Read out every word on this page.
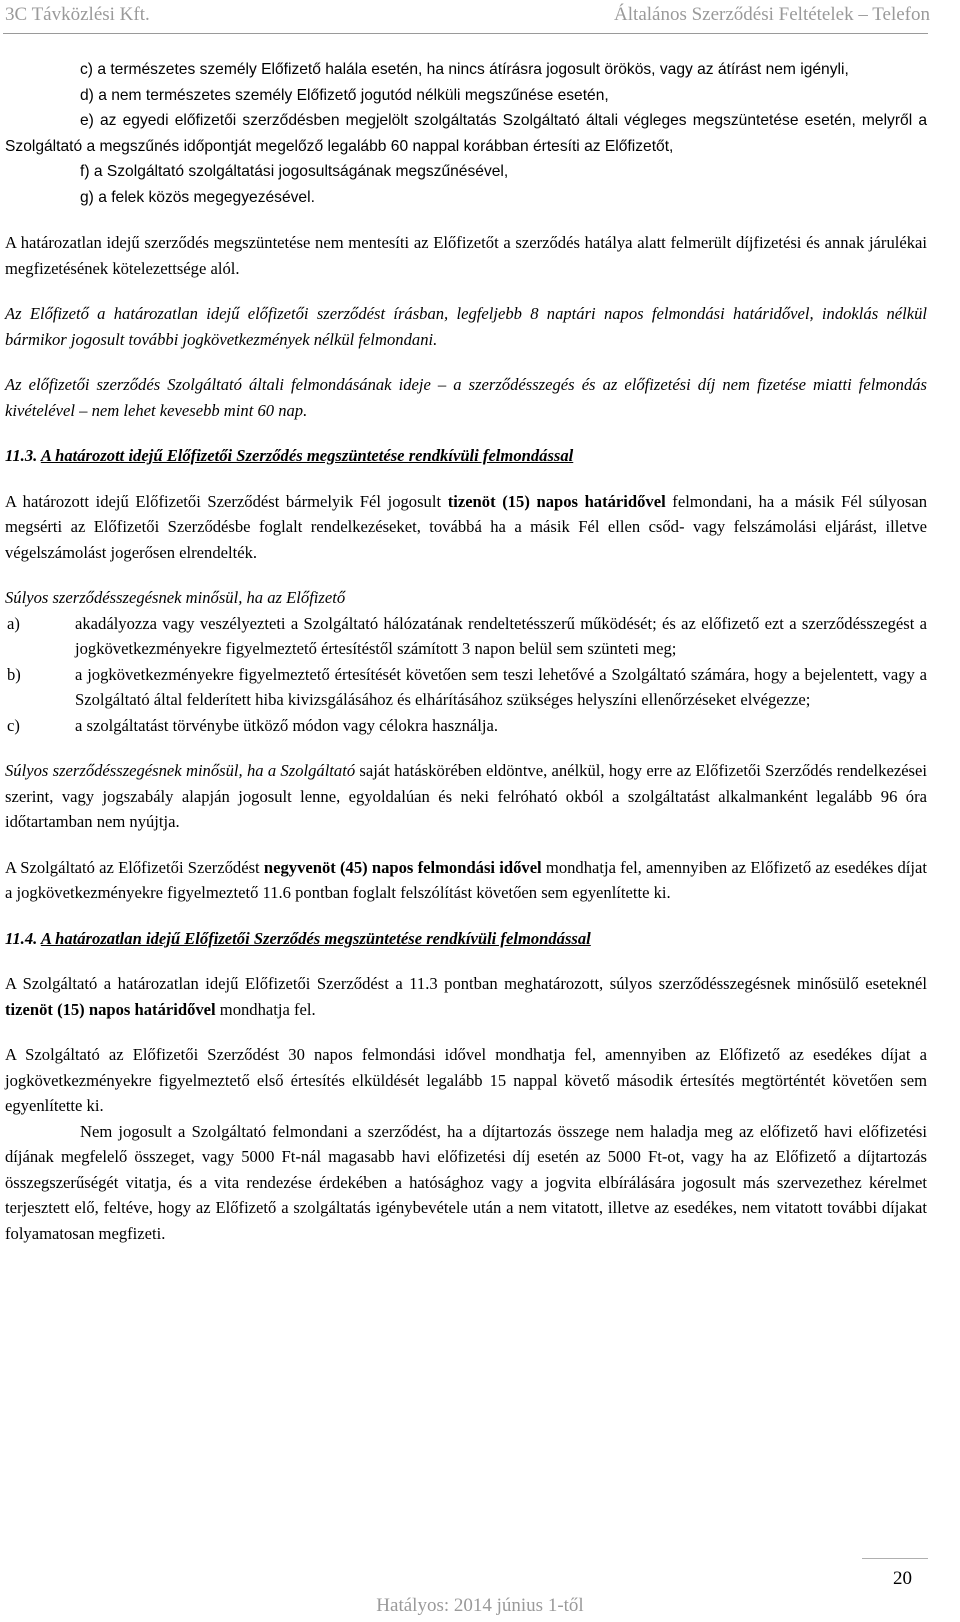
3C Távközlési Kft.	Általános Szerződési Feltételek – Telefon

c) a természetes személy Előfizető halála esetén, ha nincs átírásra jogosult örökös, vagy az átírást nem igényli,

d) a nem természetes személy Előfizető jogutód nélküli megszűnése esetén,

e) az egyedi előfizetői szerződésben megjelölt szolgáltatás Szolgáltató általi végleges megszüntetése esetén, melyről a Szolgáltató a megszűnés időpontját megelőző legalább 60 nappal korábban értesíti az Előfizetőt,

f) a Szolgáltató szolgáltatási jogosultságának megszűnésével,

g) a felek közös megegyezésével.

A határozatlan idejű szerződés megszüntetése nem mentesíti az Előfizetőt a szerződés hatálya alatt felmerült díjfizetési és annak járulékai megfizetésének kötelezettsége alól.

Az Előfizető a határozatlan idejű előfizetői szerződést írásban, legfeljebb 8 naptári napos felmondási határidővel, indoklás nélkül bármikor jogosult további jogkövetkezmények nélkül felmondani.

Az előfizetői szerződés Szolgáltató általi felmondásának ideje – a szerződésszegés és az előfizetési díj nem fizetése miatti felmondás kivételével – nem lehet kevesebb mint 60 nap.

11.3. A határozott idejű Előfizetői Szerződés megszüntetése rendkívüli felmondással

A határozott idejű Előfizetői Szerződést bármelyik Fél jogosult tizenöt (15) napos határidővel felmondani, ha a másik Fél súlyosan megsérti az Előfizetői Szerződésbe foglalt rendelkezéseket, továbbá ha a másik Fél ellen csőd- vagy felszámolási eljárást, illetve végelszámolást jogerősen elrendelték.

Súlyos szerződésszegésnek minősül, ha az Előfizető

a)	akadályozza vagy veszélyezteti a Szolgáltató hálózatának rendeltetésszerű működését; és az előfizető ezt a szerződésszegést a jogkövetkezményekre figyelmeztető értesítéstől számított 3 napon belül sem szünteti meg;
b)	a jogkövetkezményekre figyelmeztető értesítését követően sem teszi lehetővé a Szolgáltató számára, hogy a bejelentett, vagy a Szolgáltató által felderített hiba kivizsgálásához és elhárításához szükséges helyszíni ellenőrzéseket elvégezze;
c)	a szolgáltatást törvénybe ütköző módon vagy célokra használja.

Súlyos szerződésszegésnek minősül, ha a Szolgáltató saját hatáskörében eldöntve, anélkül, hogy erre az Előfizetői Szerződés rendelkezései szerint, vagy jogszabály alapján jogosult lenne, egyoldalúan és neki felróható okból a szolgáltatást alkalmanként legalább 96 óra időtartamban nem nyújtja.

A Szolgáltató az Előfizetői Szerződést negyvenöt (45) napos felmondási idővel mondhatja fel, amennyiben az Előfizető az esedékes díjat a jogkövetkezményekre figyelmeztető 11.6 pontban foglalt felszólítást követően sem egyenlítette ki.

11.4. A határozatlan idejű Előfizetői Szerződés megszüntetése rendkívüli felmondással

A Szolgáltató a határozatlan idejű Előfizetői Szerződést a 11.3 pontban meghatározott, súlyos szerződésszegésnek minősülő eseteknél tizenöt (15) napos határidővel mondhatja fel.

A Szolgáltató az Előfizetői Szerződést 30 napos felmondási idővel mondhatja fel, amennyiben az Előfizető az esedékes díjat a jogkövetkezményekre figyelmeztető első értesítés elküldését legalább 15 nappal követő második értesítés megtörténtét követően sem egyenlítette ki.

Nem jogosult a Szolgáltató felmondani a szerződést, ha a díjtartozás összege nem haladja meg az előfizető havi előfizetési díjának megfelelő összeget, vagy 5000 Ft-nál magasabb havi előfizetési díj esetén az 5000 Ft-ot, vagy ha az Előfizető a díjtartozás összegszerűségét vitatja, és a vita rendezése érdekében a hatósághoz vagy a jogvita elbírálására jogosult más szervezethez kérelmet terjesztett elő, feltéve, hogy az Előfizető a szolgáltatás igénybevétele után a nem vitatott, illetve az esedékes, nem vitatott további díjakat folyamatosan megfizeti.

20
Hatályos: 2014 június 1-től
